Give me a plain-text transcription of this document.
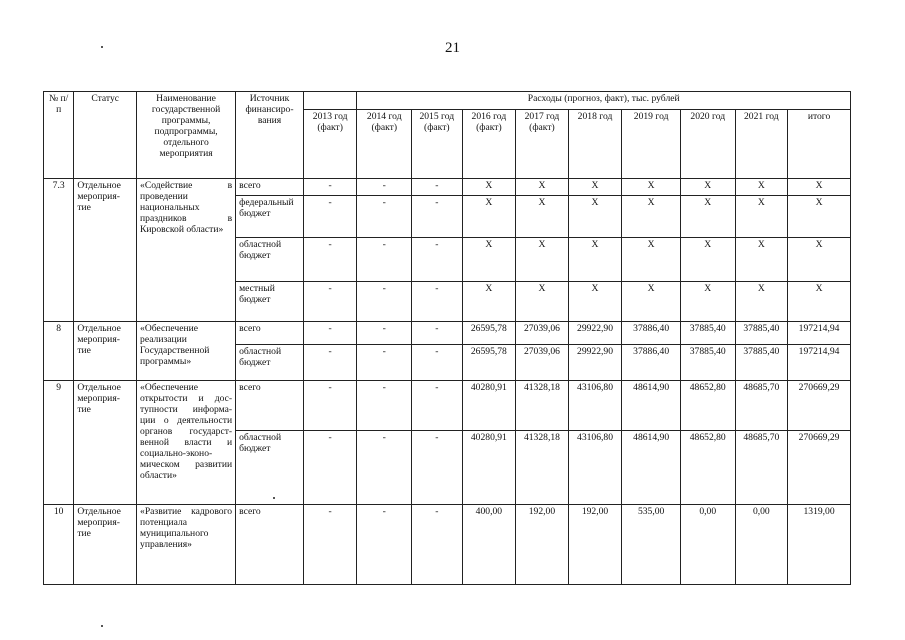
21
№ п/п	Статус	Наименование государственной программы, подпрограммы, отдельного мероприятия	Источник финансиро-вания		Расходы (прогноз, факт), тыс. рублей								
				2013 год (факт)	2014 год (факт)	2015 год (факт)	2016 год (факт)	2017 год (факт)	2018 год	2019 год	2020 год	2021 год	итого
7.3	Отдельное мероприя-тие	«Содействие в проведении национальных праздников в Кировской области»	всего	-	-	-	Х	Х	Х	Х	Х	Х	Х
			федеральный бюджет	-	-	-	Х	Х	Х	Х	Х	Х	Х
			областной бюджет	-	-	-	Х	Х	Х	Х	Х	Х	Х
			местный бюджет	-	-	-	Х	Х	Х	Х	Х	Х	Х
8	Отдельное мероприя-тие	«Обеспечение реализации Государственной программы»	всего	-	-	-	26595,78	27039,06	29922,90	37886,40	37885,40	37885,40	197214,94
			областной бюджет	-	-	-	26595,78	27039,06	29922,90	37886,40	37885,40	37885,40	197214,94
9	Отдельное мероприя-тие	«Обеспечение открытости и дос-тупности информа-ции о деятельности органов государст-венной власти и социально-эконо-мическом развитии области»	всего	-	-	-	40280,91	41328,18	43106,80	48614,90	48652,80	48685,70	270669,29
			областной бюджет	-	-	-	40280,91	41328,18	43106,80	48614,90	48652,80	48685,70	270669,29
10	Отдельное мероприя-тие	«Развитие кадрового потенциала муниципального управления»	всего	-	-	-	400,00	192,00	192,00	535,00	0,00	0,00	1319,00
